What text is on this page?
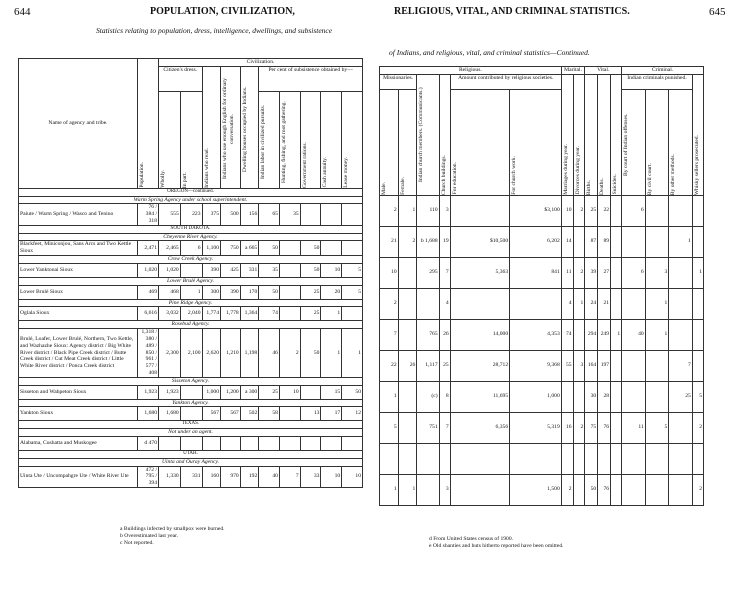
644	POPULATION, CIVILIZATION,
Statistics relating to population, dress, intelligence, dwellings, and subsistence
Name of agency and tribe.	Population.	Civilization.									
		Citizen's dress.		Indians who read.	Indians who use enough English for ordinary conversation.	Dwelling houses occupied by Indians.	Per cent of subsistence obtained by—				

		Wholly.	In part.				Indian labor in civilized pursuits.	Hunting, fishing, and root gathering.	Government rations.	Cash annuity.	Lease money.

OREGON—continued.											
Warm Spring Agency under school superintendent.											
Paiute / Warm Spring / Wasco and Tenino	76 / 384 / 318	555	223	375	500	156	65	35			
SOUTH DAKOTA.											
Cheyenne River Agency.											
Blackfeet, Miniconjou, Sans Arcs and Two Kettle Sioux	2,471	2,465	6	1,100	750	a 665	50		50		
Crow Creek Agency.											
Lower Yanktonai Sioux	1,020	1,020		390	425	331	35		50	10	5
Lower Brulé Agency.											
Lower Brulé Sioux	469	468	1	300	390	170	50		25	20	5
Pine Ridge Agency.											
Oglala Sioux	6,616	3,032	2,040	1,774	1,778	1,364	74		25	1	
Rosebud Agency.											
Brulé, Loafer, Lower Brulé, Northern, Two Kettle, and Wazhazhe Sioux: Agency district / Big White River district / Black Pipe Creek district / Butte Creek district / Cut Meat Creek district / Little White River district / Ponca Creek district	1,318 / 380 / 489 / 850 / 961 / 577 / 408	2,300	2,100	2,620	1,210	1,198	46	2	50	1	1
Sisseton Agency.											
Sisseton and Wahpeton Sioux	1,923	1,923		1,000	1,200	a 300	25	10		15	50
Yankton Agency.											
Yankton Sioux	1,680	1,680		567	567	502	58		13	17	12
TEXAS.											
Not under an agent.											
Alabama, Cushatta and Muskogee	d 470										
UTAH.											
Uinta and Ouray Agency.											
Uinta Ute / Uncompahgre Ute / White River Ute	472 / 795 / 394	1,330	331	160	970	192	40	7	33	10	10
a Buildings infected by smallpox were burned.
b Overestimated last year.
c Not reported.
RELIGIOUS, VITAL, AND CRIMINAL STATISTICS.	645
of Indians, and religious, vital, and criminal statistics—Continued.
Religious.						Marital.		Vital.			Criminal.			
Missionaries.		Indian church members. (Communicants.)	Church buildings.	Amount contributed by religious societies.		Marriages during year.	Divorces during year.	Births.	Deaths.	Suicides.	Indian criminals punished.			Whisky sellers prosecuted.

Male.	Female.			For education.	For church work.						By court of Indian offenses.	By civil court.	By other methods.	

2	1	110	3		$3,100	10	2	25	22		6			
21	2	b 1,688	19	$10,500	6,202	14		87	89				1	
10		295	7	5,363	841	11	2	39	27		6	3		1
2			4			4	1	24	21			1		
7		765	26	14,000	4,353	74		294	249	1	40	1		
22	26	1,117	25	28,712	9,368	55	3	164	197				7	
1		(c)	8	11,695	1,000			30	28				25	5
5		751	7	6,356	5,319	16	2	75	76		11	5		2

1	1		3		1,500	2		50	76					2
d From United States census of 1900.
e Old shanties and huts hitherto reported have been omitted.
